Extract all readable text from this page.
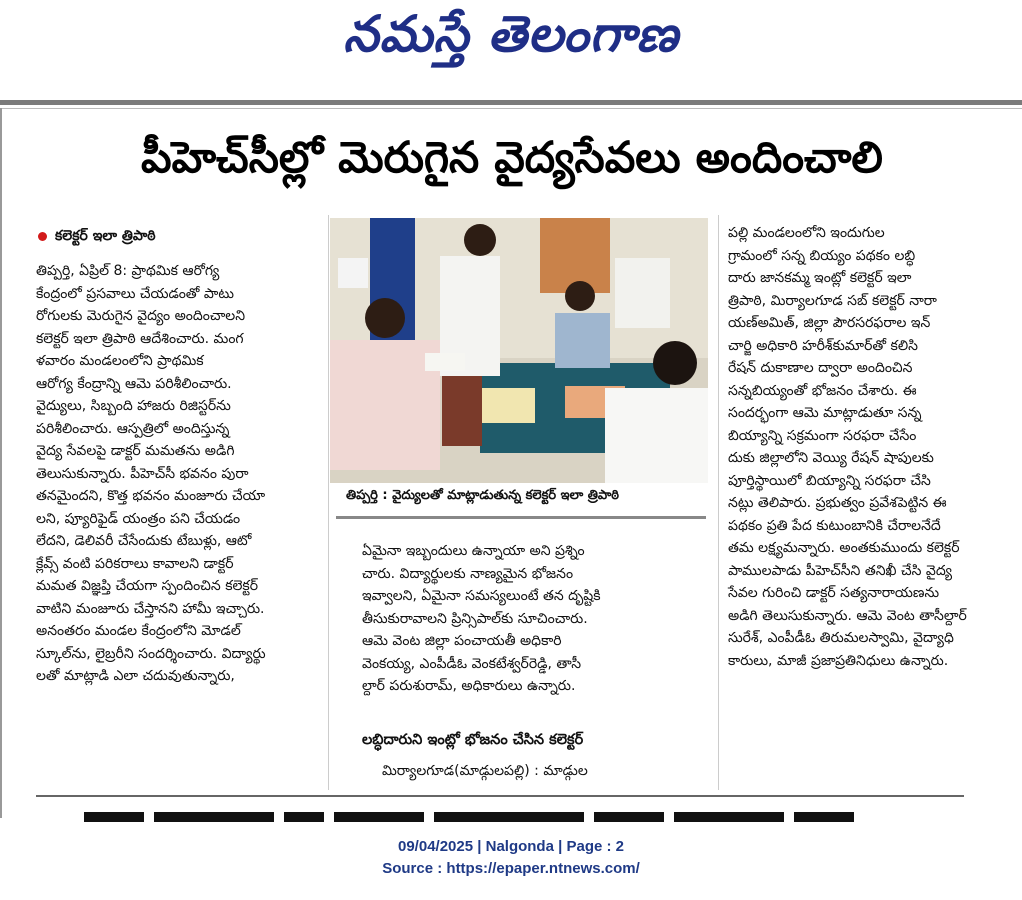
నమస్తే తెలంగాణ
పీహెచ్‌సీల్లో మెరుగైన వైద్యసేవలు అందించాలి
కలెక్టర్ ఇలా త్రిపాఠి

తిప్పర్తి, ఏప్రిల్ 8: ప్రాథమిక ఆరోగ్య

కేంద్రంలో ప్రసవాలు చేయడంతో పాటు

రోగులకు మెరుగైన వైద్యం అందించాలని

కలెక్టర్ ఇలా త్రిపాఠి ఆదేశించారు. మంగ

ళవారం మండలంలోని ప్రాథమిక

ఆరోగ్య కేంద్రాన్ని ఆమె పరిశీలించారు.

వైద్యులు, సిబ్బంది హాజరు రిజిస్టర్‌ను

పరిశీలించారు. ఆస్పత్రిలో అందిస్తున్న

వైద్య సేవలపై డాక్టర్ మమతను అడిగి

తెలుసుకున్నారు. పీహెచ్‌సీ భవనం పురా

తనమైందని, కొత్త భవనం మంజూరు చేయా

లని, ప్యూరిఫైడ్ యంత్రం పని చేయడం

లేదని, డెలివరీ చేసేందుకు టేబుళ్లు, ఆటో

క్లేవ్స్ వంటి పరికరాలు కావాలని డాక్టర్

మమత విజ్ఞప్తి చేయగా స్పందించిన కలెక్టర్

వాటిని మంజూరు చేస్తానని హామీ ఇచ్చారు.

అనంతరం మండల కేంద్రంలోని మోడల్

స్కూల్‌ను, లైబ్రరీని సందర్శించారు. విద్యార్థు

లతో మాట్లాడి ఎలా చదువుతున్నారు,

తిప్పర్తి : వైద్యులతో మాట్లాడుతున్న కలెక్టర్ ఇలా త్రిపాఠి

ఏమైనా ఇబ్బందులు ఉన్నాయా అని ప్రశ్నిం

చారు. విద్యార్థులకు నాణ్యమైన భోజనం

ఇవ్వాలని, ఏమైనా సమస్యలుంటే తన దృష్టికి

తీసుకురావాలని ప్రిన్సిపాల్‌కు సూచించారు.

ఆమె వెంట జిల్లా పంచాయతీ అధికారి

వెంకయ్య, ఎంపీడీఓ వెంకటేశ్వర్‌రెడ్డి, తాసీ

ల్దార్ పరుశురామ్, అధికారులు ఉన్నారు.

లబ్ధిదారుని ఇంట్లో భోజనం చేసిన కలెక్టర్
మిర్యాలగూడ(మాడ్గులపల్లి) : మాడ్గుల

పల్లి మండలంలోని ఇందుగుల

గ్రామంలో సన్న బియ్యం పథకం లబ్ధి

దారు జానకమ్మ ఇంట్లో కలెక్టర్ ఇలా

త్రిపాఠి, మిర్యాలగూడ సబ్ కలెక్టర్ నారా

యణ్‌అమిత్, జిల్లా పౌరసరఫరాల ఇన్

చార్జి అధికారి హరీశ్‌కుమార్‌తో కలిసి

రేషన్ దుకాణాల ద్వారా అందించిన

సన్నబియ్యంతో భోజనం చేశారు. ఈ

సందర్భంగా ఆమె మాట్లాడుతూ సన్న

బియ్యాన్ని సక్రమంగా సరఫరా చేసేం

దుకు జిల్లాలోని వెయ్యి రేషన్ షాపులకు

పూర్తిస్థాయిలో బియ్యాన్ని సరఫరా చేసి

నట్లు తెలిపారు. ప్రభుత్వం ప్రవేశపెట్టిన ఈ

పథకం ప్రతి పేద కుటుంబానికి చేరాలనేదే

తమ లక్ష్యమన్నారు. అంతకుముందు కలెక్టర్

పాములపాడు పీహెచ్‌సీని తనిఖీ చేసి వైద్య

సేవల గురించి డాక్టర్ సత్యనారాయణను

అడిగి తెలుసుకున్నారు. ఆమె వెంట తాసీల్దార్

సురేశ్, ఎంపీడీఓ తిరుమలస్వామి, వైద్యాధి

కారులు, మాజీ ప్రజాప్రతినిధులు ఉన్నారు.

09/04/2025 | Nalgonda | Page : 2
Source : https://epaper.ntnews.com/
